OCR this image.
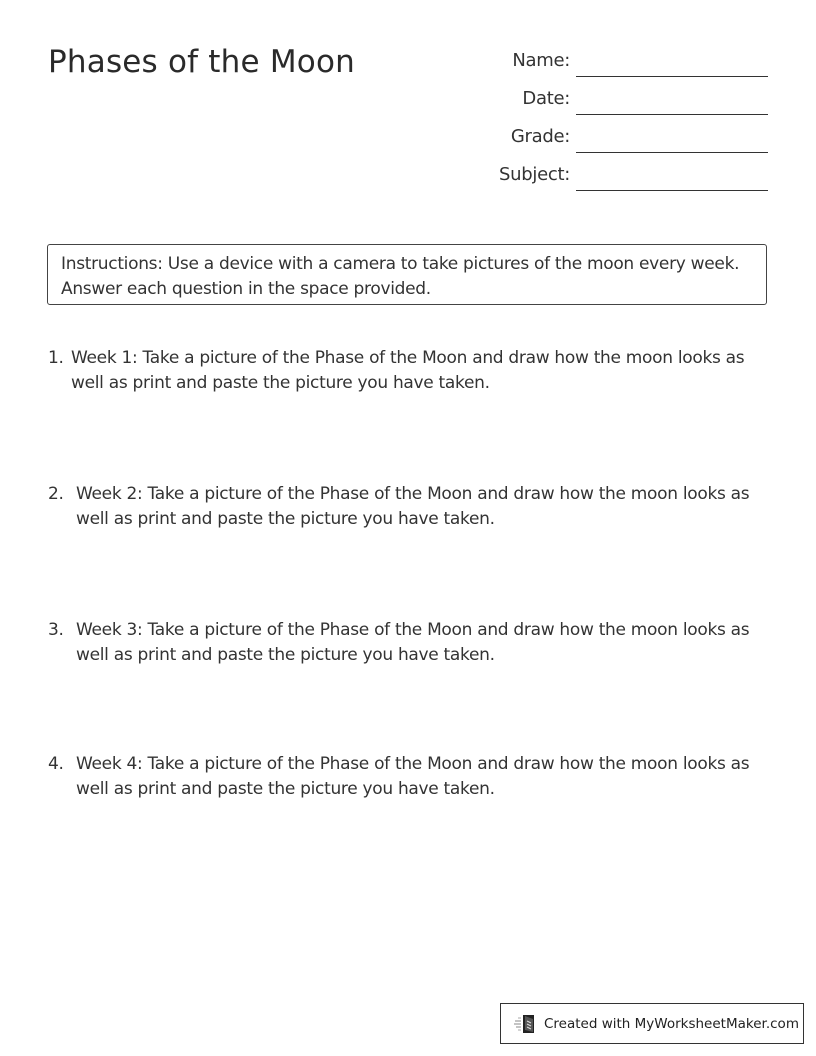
Phases of the Moon	Name:
Date:
Grade:
Subject:
Instructions: Use a device with a camera to take pictures of the moon every week. Answer each question in the space provided.
1. Week 1: Take a picture of the Phase of the Moon and draw how the moon looks as well as print and paste the picture you have taken.
2. Week 2: Take a picture of the Phase of the Moon and draw how the moon looks as well as print and paste the picture you have taken.
3. Week 3: Take a picture of the Phase of the Moon and draw how the moon looks as well as print and paste the picture you have taken.
4. Week 4: Take a picture of the Phase of the Moon and draw how the moon looks as well as print and paste the picture you have taken.
Created with MyWorksheetMaker.com
